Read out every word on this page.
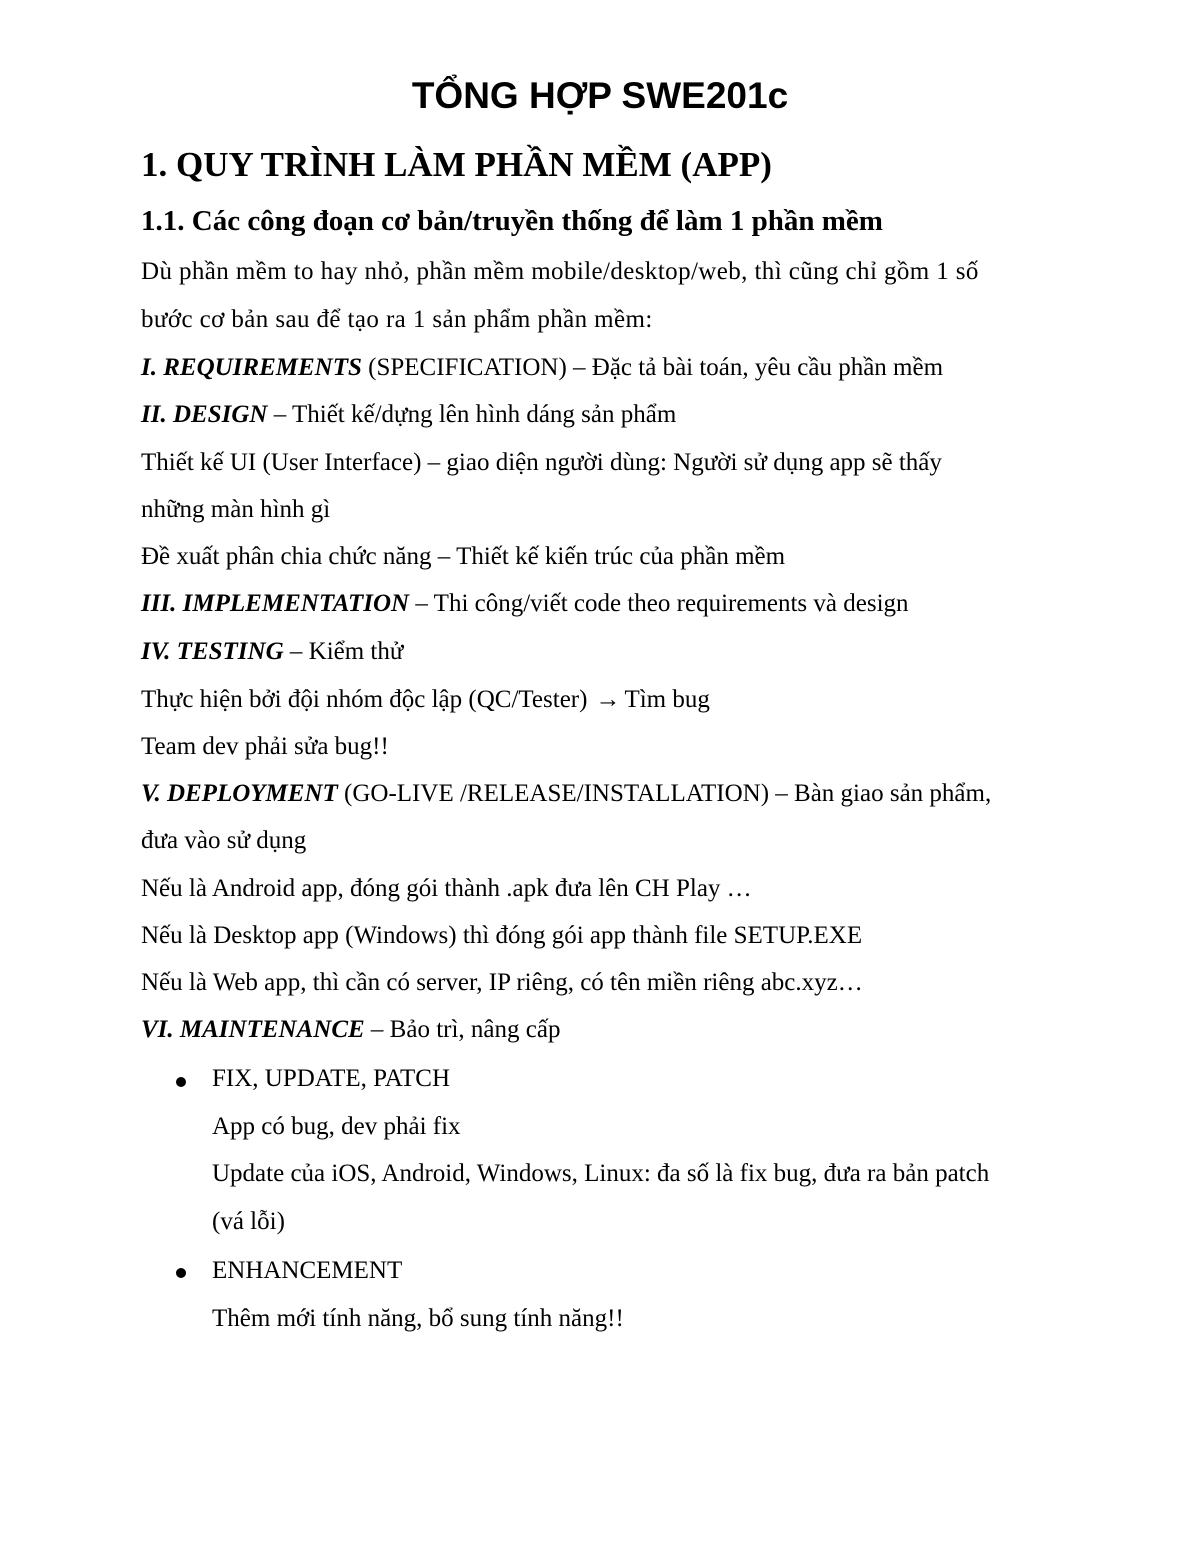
TỔNG HỢP SWE201c
1. QUY TRÌNH LÀM PHẦN MỀM (APP)
1.1. Các công đoạn cơ bản/truyền thống để làm 1 phần mềm

Dù phần mềm to hay nhỏ, phần mềm mobile/desktop/web, thì cũng chỉ gồm 1 số

bước cơ bản sau để tạo ra 1 sản phẩm phần mềm:

I. REQUIREMENTS (SPECIFICATION) – Đặc tả bài toán, yêu cầu phần mềm

II. DESIGN – Thiết kế/dựng lên hình dáng sản phẩm

Thiết kế UI (User Interface) – giao diện người dùng: Người sử dụng app sẽ thấy

những màn hình gì

Đề xuất phân chia chức năng – Thiết kế kiến trúc của phần mềm

III. IMPLEMENTATION – Thi công/viết code theo requirements và design

IV. TESTING – Kiểm thử

Thực hiện bởi đội nhóm độc lập (QC/Tester) → Tìm bug

Team dev phải sửa bug!!

V. DEPLOYMENT (GO-LIVE /RELEASE/INSTALLATION) – Bàn giao sản phẩm,

đưa vào sử dụng

Nếu là Android app, đóng gói thành .apk đưa lên CH Play …

Nếu là Desktop app (Windows) thì đóng gói app thành file SETUP.EXE

Nếu là Web app, thì cần có server, IP riêng, có tên miền riêng abc.xyz…

VI. MAINTENANCE – Bảo trì, nâng cấp

FIX, UPDATE, PATCH

App có bug, dev phải fix

Update của iOS, Android, Windows, Linux: đa số là fix bug, đưa ra bản patch

(vá lỗi)

ENHANCEMENT

Thêm mới tính năng, bổ sung tính năng!!
